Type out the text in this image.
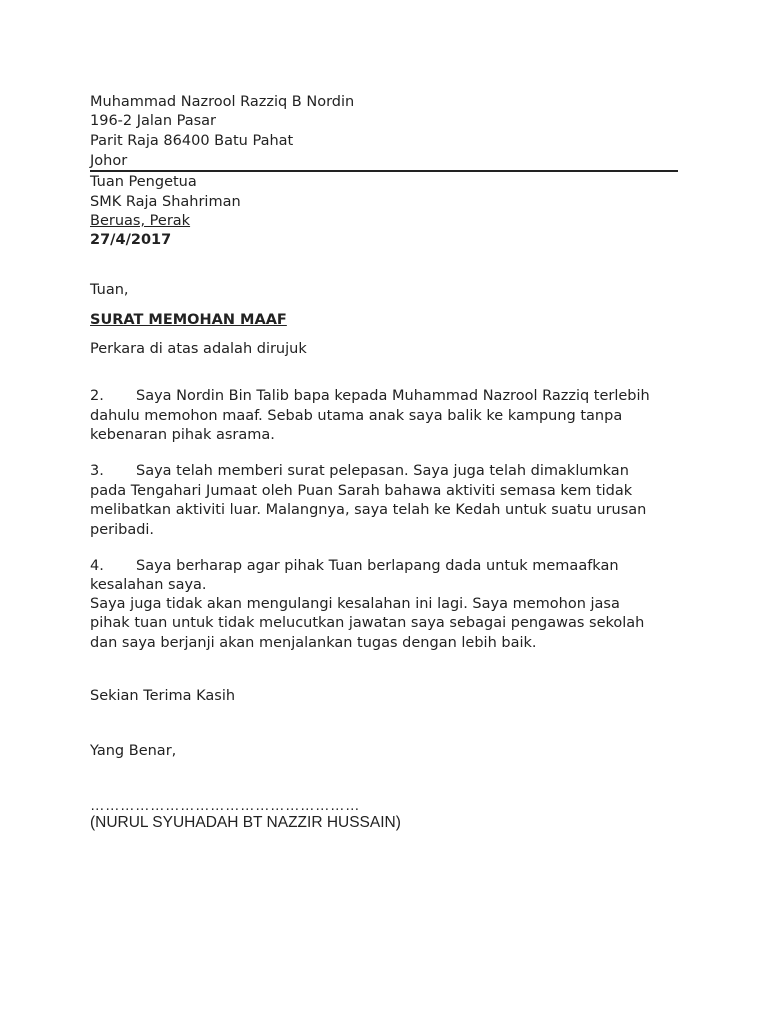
Muhammad Nazrool Razziq B Nordin
196-2 Jalan Pasar
Parit Raja 86400 Batu Pahat
Johor
Tuan Pengetua
SMK Raja Shahriman
Beruas, Perak
27/4/2017
Tuan,
SURAT MEMOHAN MAAF
Perkara di atas adalah dirujuk
2. Saya Nordin Bin Talib bapa kepada Muhammad Nazrool Razziq terlebih
dahulu memohon maaf. Sebab utama anak saya balik ke kampung tanpa
kebenaran pihak asrama.
3. Saya telah memberi surat pelepasan. Saya juga telah dimaklumkan
pada Tengahari Jumaat oleh Puan Sarah bahawa aktiviti semasa kem tidak
melibatkan aktiviti luar. Malangnya, saya telah ke Kedah untuk suatu urusan
peribadi.
4. Saya berharap agar pihak Tuan berlapang dada untuk memaafkan
kesalahan saya.
Saya juga tidak akan mengulangi kesalahan ini lagi. Saya memohon jasa
pihak tuan untuk tidak melucutkan jawatan saya sebagai pengawas sekolah
dan saya berjanji akan menjalankan tugas dengan lebih baik.
Sekian Terima Kasih
Yang Benar,
………………………………………………
(NURUL SYUHADAH BT NAZZIR HUSSAIN)
